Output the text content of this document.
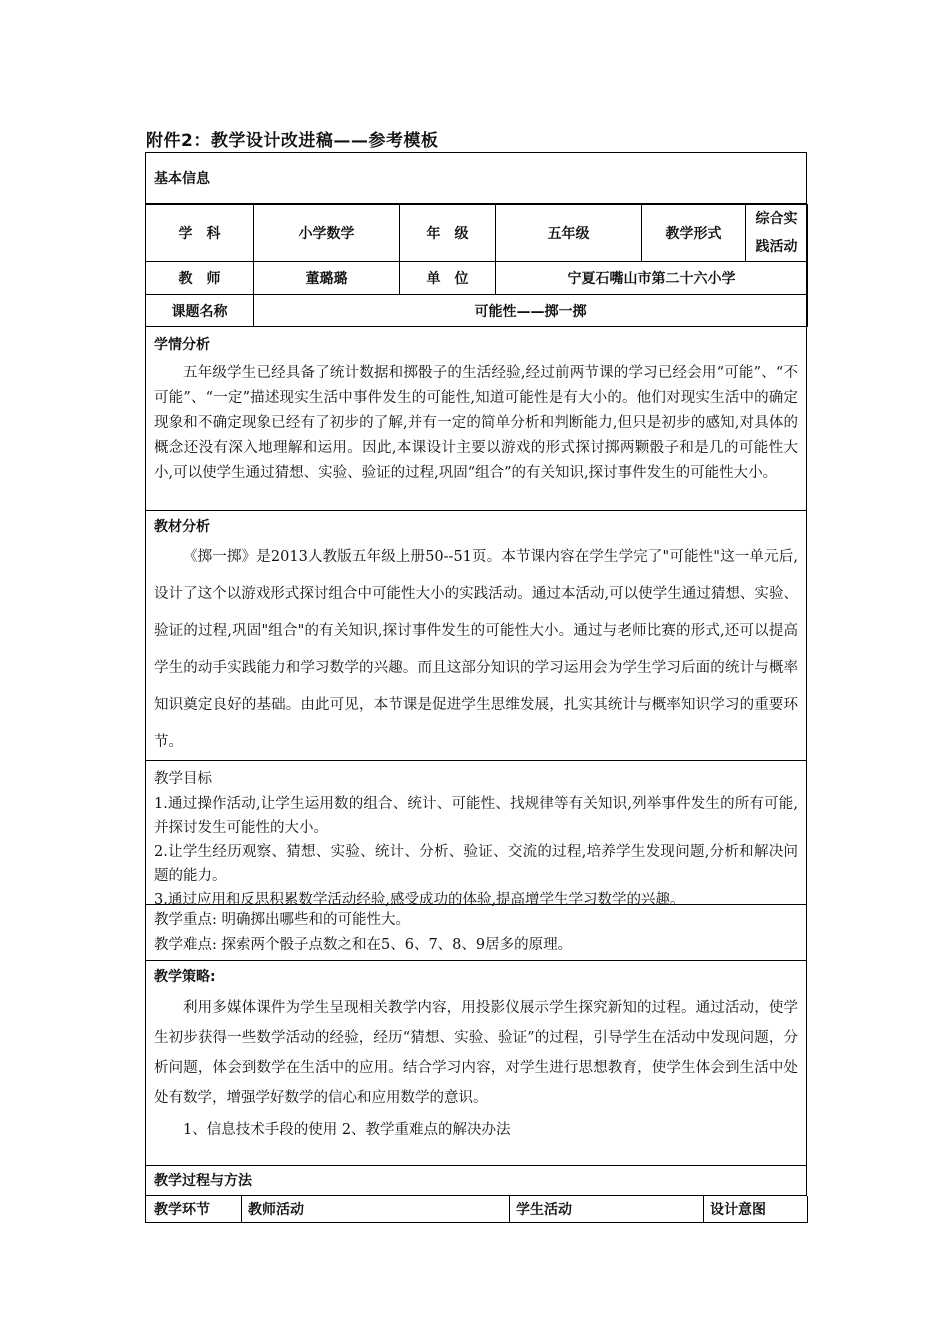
附件2：教学设计改进稿——参考模板
基本信息
学　科	小学数学	年　级	五年级	教学形式	综合实践活动
教　师	董璐璐	单　位	宁夏石嘴山市第二十六小学		
课题名称	可能性——掷一掷				
学情分析
五年级学生已经具备了统计数据和掷骰子的生活经验,经过前两节课的学习已经会用“可能”、“不可能”、“一定”描述现实生活中事件发生的可能性,知道可能性是有大小的。他们对现实生活中的确定现象和不确定现象已经有了初步的了解,并有一定的简单分析和判断能力,但只是初步的感知,对具体的概念还没有深入地理解和运用。因此,本课设计主要以游戏的形式探讨掷两颗骰子和是几的可能性大小,可以使学生通过猜想、实验、验证的过程,巩固“组合”的有关知识,探讨事件发生的可能性大小。
教材分析
《掷一掷》是2013人教版五年级上册50--51页。本节课内容在学生学完了"可能性"这一单元后,设计了这个以游戏形式探讨组合中可能性大小的实践活动。通过本活动,可以使学生通过猜想、实验、验证的过程,巩固"组合"的有关知识,探讨事件发生的可能性大小。通过与老师比赛的形式,还可以提高学生的动手实践能力和学习数学的兴趣。而且这部分知识的学习运用会为学生学习后面的统计与概率知识奠定良好的基础。由此可见，本节课是促进学生思维发展，扎实其统计与概率知识学习的重要环节。
教学目标
1.通过操作活动,让学生运用数的组合、统计、可能性、找规律等有关知识,列举事件发生的所有可能,并探讨发生可能性的大小。
2.让学生经历观察、猜想、实验、统计、分析、验证、交流的过程,培养学生发现问题,分析和解决问题的能力。
3.通过应用和反思积累数学活动经验,感受成功的体验,提高增学生学习数学的兴趣。
教学重点: 明确掷出哪些和的可能性大。
教学难点: 探索两个骰子点数之和在5、6、7、8、9居多的原理。
教学策略:
利用多媒体课件为学生呈现相关教学内容，用投影仪展示学生探究新知的过程。通过活动，使学生初步获得一些数学活动的经验，经历“猜想、实验、验证”的过程，引导学生在活动中发现问题，分析问题，体会到数学在生活中的应用。结合学习内容，对学生进行思想教育，使学生体会到生活中处处有数学，增强学好数学的信心和应用数学的意识。
1、信息技术手段的使用 2、教学重难点的解决办法
教学过程与方法
教学环节	教师活动	学生活动	设计意图
